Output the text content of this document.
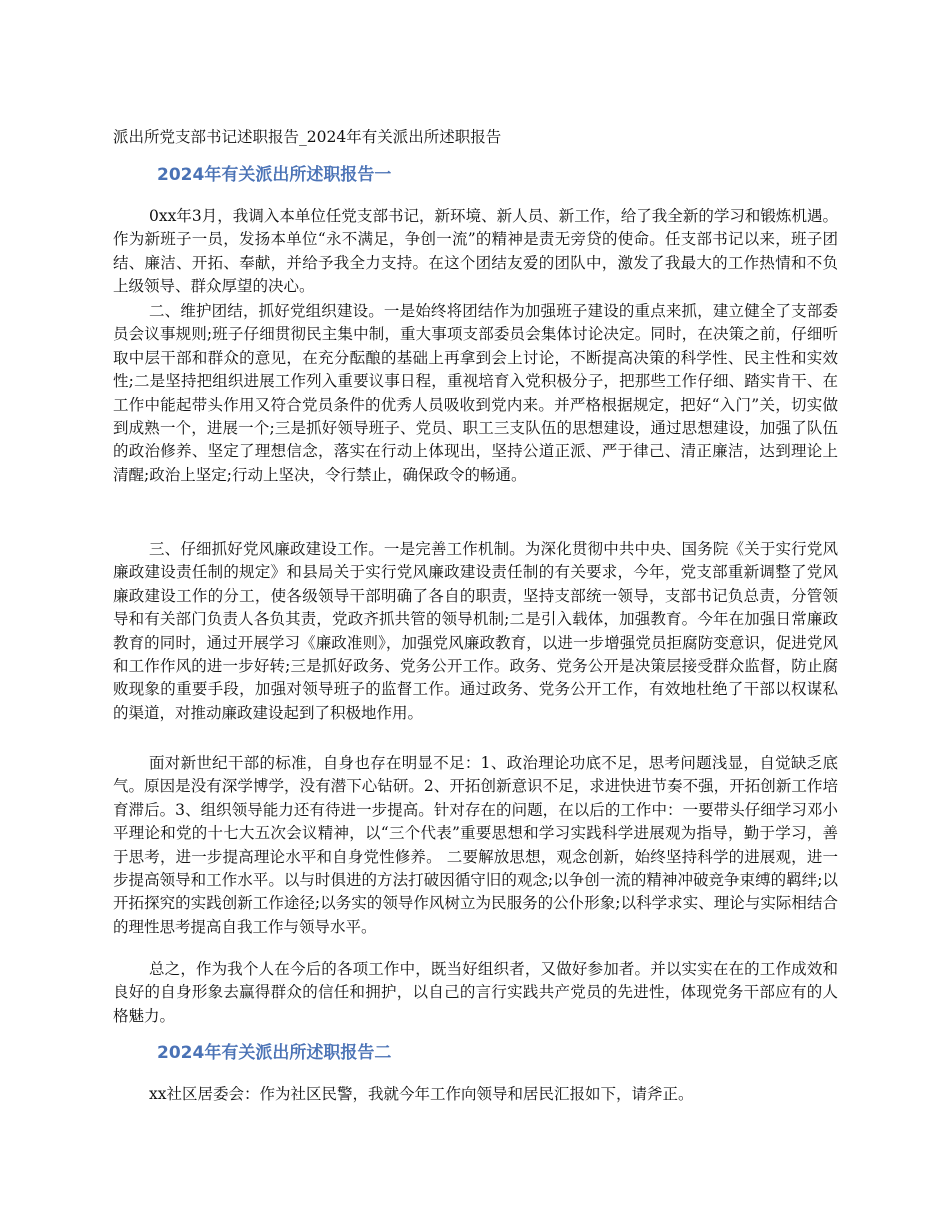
派出所党支部书记述职报告_2024年有关派出所述职报告
2024年有关派出所述职报告一

0xx年3月，我调入本单位任党支部书记，新环境、新人员、新工作，给了我全新的学习和锻炼机遇。作为新班子一员，发扬本单位“永不满足，争创一流”的精神是责无旁贷的使命。任支部书记以来，班子团结、廉洁、开拓、奉献，并给予我全力支持。在这个团结友爱的团队中，激发了我最大的工作热情和不负上级领导、群众厚望的决心。

二、维护团结，抓好党组织建设。一是始终将团结作为加强班子建设的重点来抓，建立健全了支部委员会议事规则;班子仔细贯彻民主集中制，重大事项支部委员会集体讨论决定。同时，在决策之前，仔细听取中层干部和群众的意见，在充分酝酿的基础上再拿到会上讨论，不断提高决策的科学性、民主性和实效性;二是坚持把组织进展工作列入重要议事日程，重视培育入党积极分子，把那些工作仔细、踏实肯干、在工作中能起带头作用又符合党员条件的优秀人员吸收到党内来。并严格根据规定，把好“入门”关，切实做到成熟一个，进展一个;三是抓好领导班子、党员、职工三支队伍的思想建设，通过思想建设，加强了队伍的政治修养、坚定了理想信念，落实在行动上体现出，坚持公道正派、严于律己、清正廉洁，达到理论上清醒;政治上坚定;行动上坚决，令行禁止，确保政令的畅通。

三、仔细抓好党风廉政建设工作。一是完善工作机制。为深化贯彻中共中央、国务院《关于实行党风廉政建设责任制的规定》和县局关于实行党风廉政建设责任制的有关要求，今年，党支部重新调整了党风廉政建设工作的分工，使各级领导干部明确了各自的职责，坚持支部统一领导，支部书记负总责，分管领导和有关部门负责人各负其责，党政齐抓共管的领导机制;二是引入载体，加强教育。今年在加强日常廉政教育的同时，通过开展学习《廉政准则》，加强党风廉政教育，以进一步增强党员拒腐防变意识，促进党风和工作作风的进一步好转;三是抓好政务、党务公开工作。政务、党务公开是决策层接受群众监督，防止腐败现象的重要手段，加强对领导班子的监督工作。通过政务、党务公开工作，有效地杜绝了干部以权谋私的渠道，对推动廉政建设起到了积极地作用。

面对新世纪干部的标准，自身也存在明显不足：1、政治理论功底不足，思考问题浅显，自觉缺乏底气。原因是没有深学博学，没有潜下心钻研。2、开拓创新意识不足，求进快进节奏不强，开拓创新工作培育滞后。3、组织领导能力还有待进一步提高。针对存在的问题，在以后的工作中：一要带头仔细学习邓小平理论和党的十七大五次会议精神，以“三个代表”重要思想和学习实践科学进展观为指导，勤于学习，善于思考，进一步提高理论水平和自身党性修养。 二要解放思想，观念创新，始终坚持科学的进展观，进一步提高领导和工作水平。以与时俱进的方法打破因循守旧的观念;以争创一流的精神冲破竞争束缚的羁绊;以开拓探究的实践创新工作途径;以务实的领导作风树立为民服务的公仆形象;以科学求实、理论与实际相结合的理性思考提高自我工作与领导水平。

总之，作为我个人在今后的各项工作中，既当好组织者，又做好参加者。并以实实在在的工作成效和良好的自身形象去赢得群众的信任和拥护，以自己的言行实践共产党员的先进性，体现党务干部应有的人格魅力。

2024年有关派出所述职报告二

xx社区居委会：作为社区民警，我就今年工作向领导和居民汇报如下，请斧正。
